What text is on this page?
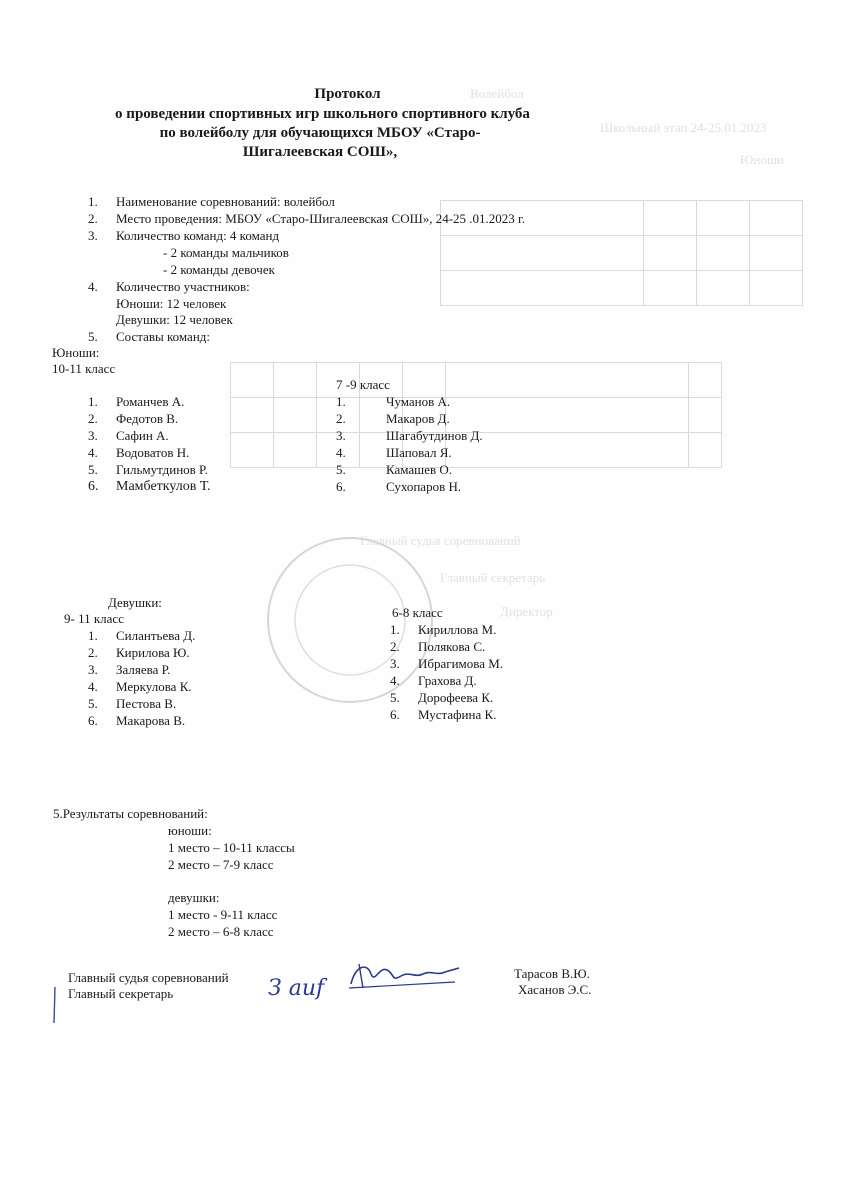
Волейбол
Школьный этап 24-25.01.2023
Юноши

Главный судья соревнований
Главный секретарь
Директор
Протокол
о проведении спортивных игр школьного спортивного клуба
по волейболу для обучающихся МБОУ «Старо-
Шигалеевская СОШ»,
1. Наименование соревнований: волейбол
2. Место проведения: МБОУ «Старо-Шигалеевская СОШ», 24-25 .01.2023 г.
3. Количество команд: 4 команд
- 2 команды мальчиков
- 2 команды девочек
4. Количество участников:
Юноши: 12 человек
Девушки: 12 человек
5. Составы команд:
Юноши:
10-11 класс
1. Романчев А.
2. Федотов В.
3. Сафин А.
4. Водоватов Н.
5. Гильмутдинов Р.
6. Мамбеткулов Т.
7 -9 класс
1.	Чуманов А.
2.	Макаров Д.
3.	Шагабутдинов Д.
4.	Шаповал Я.
5.	Камашев О.
6.	Сухопаров Н.
Девушки:
9- 11 класс
1. Силантьева Д.
2. Кирилова Ю.
3. Заляева Р.
4. Меркулова К.
5. Пестова В.
6. Макарова В.
6-8 класс
1. Кириллова М.
2. Полякова С.
3. Ибрагимова М.
4. Грахова Д.
5. Дорофеева К.
6. Мустафина К.
5.Результаты соревнований:
юноши:
1 место – 10-11 классы
2 место – 7-9 класс
девушки:
1 место - 9-11 класс
2 место – 6-8 класс
Главный судья соревнований
Главный секретарь
Тарасов В.Ю.
Хасанов Э.С.
З аиf
